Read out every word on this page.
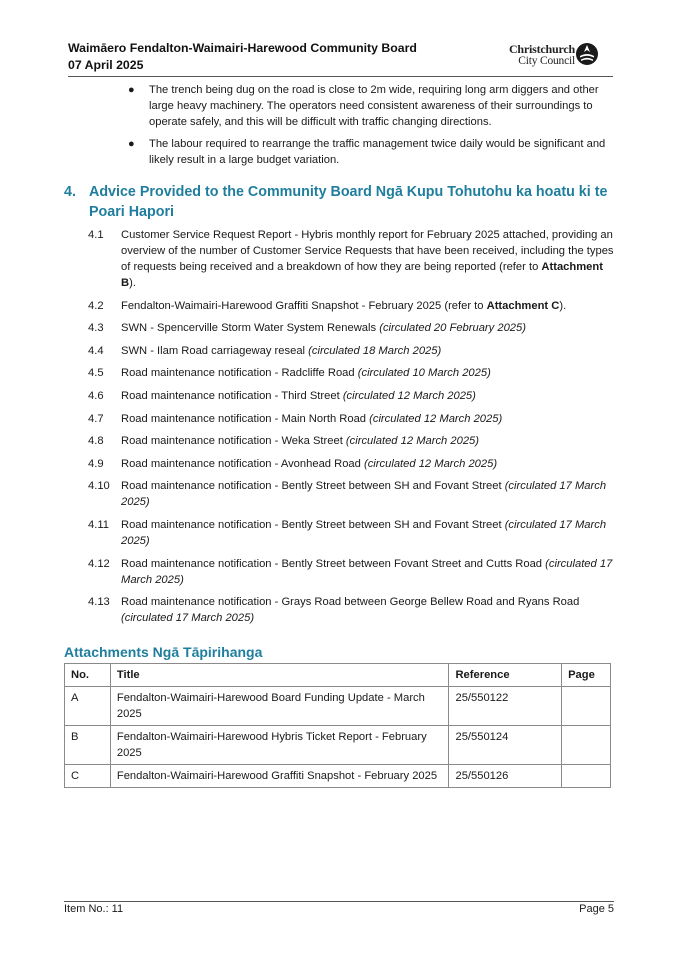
Waimāero Fendalton-Waimairi-Harewood Community Board
07 April 2025
Christchurch
City Council
● The trench being dug on the road is close to 2m wide, requiring long arm diggers and other large heavy machinery. The operators need consistent awareness of their surroundings to operate safely, and this will be difficult with traffic changing directions.
● The labour required to rearrange the traffic management twice daily would be significant and likely result in a large budget variation.
4. Advice Provided to the Community Board Ngā Kupu Tohutohu ka hoatu ki te Poari Hapori
4.1 Customer Service Request Report - Hybris monthly report for February 2025 attached, providing an overview of the number of Customer Service Requests that have been received, including the types of requests being received and a breakdown of how they are being reported (refer to Attachment B).
4.2 Fendalton-Waimairi-Harewood Graffiti Snapshot - February 2025 (refer to Attachment C).
4.3 SWN - Spencerville Storm Water System Renewals (circulated 20 February 2025)
4.4 SWN - Ilam Road carriageway reseal (circulated 18 March 2025)
4.5 Road maintenance notification - Radcliffe Road (circulated 10 March 2025)
4.6 Road maintenance notification - Third Street (circulated 12 March 2025)
4.7 Road maintenance notification - Main North Road (circulated 12 March 2025)
4.8 Road maintenance notification - Weka Street (circulated 12 March 2025)
4.9 Road maintenance notification - Avonhead Road (circulated 12 March 2025)
4.10 Road maintenance notification - Bently Street between SH and Fovant Street (circulated 17 March 2025)
4.11 Road maintenance notification - Bently Street between SH and Fovant Street (circulated 17 March 2025)
4.12 Road maintenance notification - Bently Street between Fovant Street and Cutts Road (circulated 17 March 2025)
4.13 Road maintenance notification - Grays Road between George Bellew Road and Ryans Road (circulated 17 March 2025)
Attachments Ngā Tāpirihanga
No.	Title	Reference	Page
A	Fendalton-Waimairi-Harewood Board Funding Update - March 2025	25/550122	
B	Fendalton-Waimairi-Harewood Hybris Ticket Report - February 2025	25/550124	
C	Fendalton-Waimairi-Harewood Graffiti Snapshot - February 2025	25/550126	
Item No.: 11	Page 5
